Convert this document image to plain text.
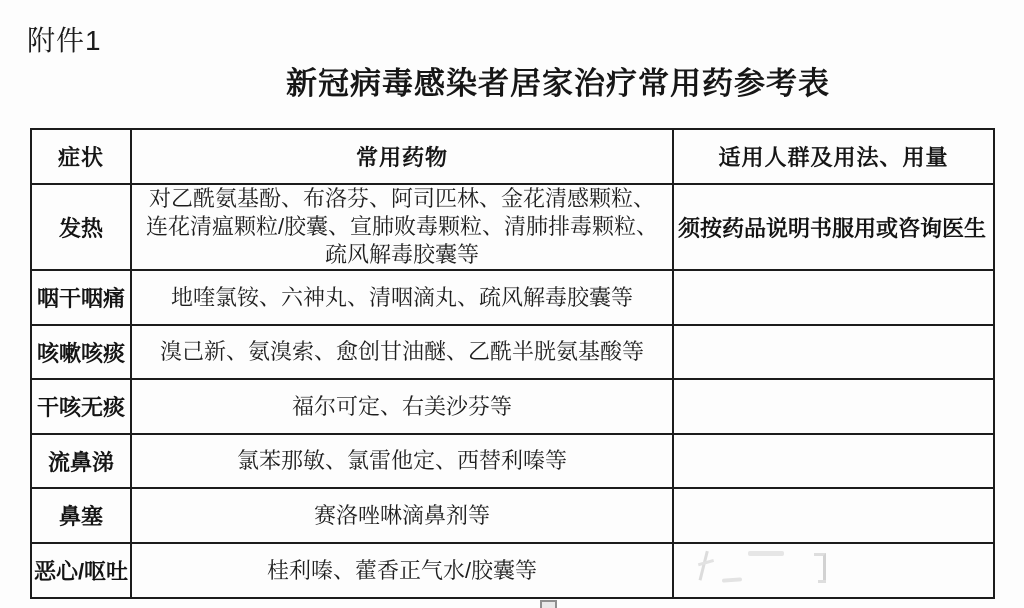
附件1
新冠病毒感染者居家治疗常用药参考表
症状	常用药物	适用人群及用法、用量
发热	对乙酰氨基酚、布洛芬、阿司匹林、金花清感颗粒、连花清瘟颗粒/胶囊、宣肺败毒颗粒、清肺排毒颗粒、疏风解毒胶囊等	须按药品说明书服用或咨询医生
咽干咽痛	地喹氯铵、六神丸、清咽滴丸、疏风解毒胶囊等	
咳嗽咳痰	溴己新、氨溴索、愈创甘油醚、乙酰半胱氨基酸等	
干咳无痰	福尔可定、右美沙芬等	
流鼻涕	氯苯那敏、氯雷他定、西替利嗪等	
鼻塞	赛洛唑啉滴鼻剂等	
恶心/呕吐	桂利嗪、藿香正气水/胶囊等	
